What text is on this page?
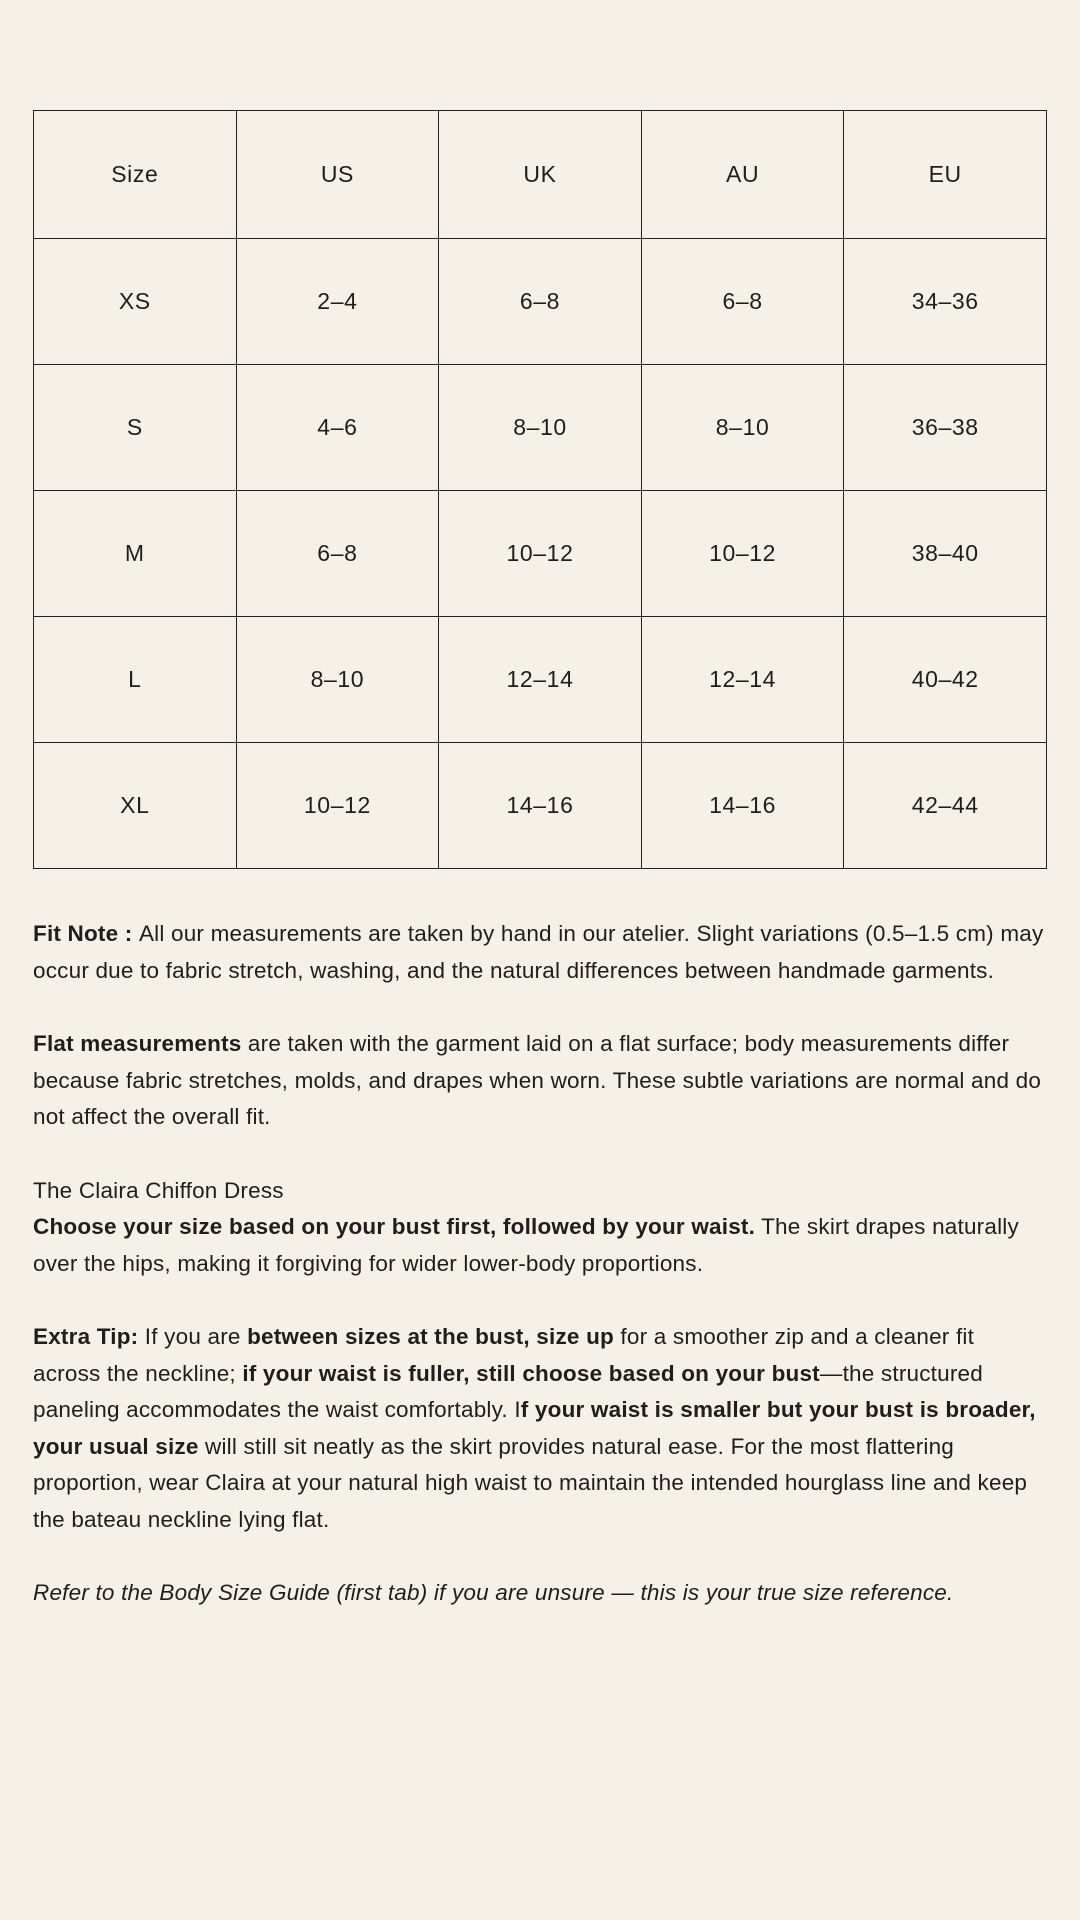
Size	US	UK	AU	EU
XS	2–4	6–8	6–8	34–36
S	4–6	8–10	8–10	36–38
M	6–8	10–12	10–12	38–40
L	8–10	12–14	12–14	40–42
XL	10–12	14–16	14–16	42–44

Fit Note : All our measurements are taken by hand in our atelier. Slight variations (0.5–1.5 cm) may occur due to fabric stretch, washing, and the natural differences between handmade garments.

Flat measurements are taken with the garment laid on a flat surface; body measurements differ because fabric stretches, molds, and drapes when worn. These subtle variations are normal and do not affect the overall fit.

The Claira Chiffon Dress
Choose your size based on your bust first, followed by your waist. The skirt drapes naturally over the hips, making it forgiving for wider lower-body proportions.

Extra Tip: If you are between sizes at the bust, size up for a smoother zip and a cleaner fit across the neckline; if your waist is fuller, still choose based on your bust—the structured paneling accommodates the waist comfortably. If your waist is smaller but your bust is broader, your usual size will still sit neatly as the skirt provides natural ease. For the most flattering proportion, wear Claira at your natural high waist to maintain the intended hourglass line and keep the bateau neckline lying flat.

Refer to the Body Size Guide (first tab) if you are unsure — this is your true size reference.
